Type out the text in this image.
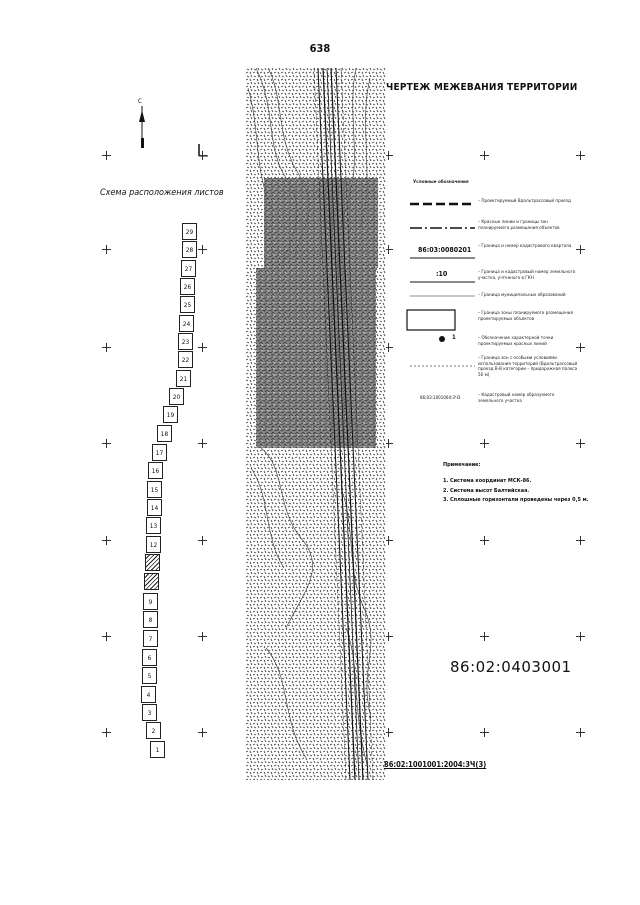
638
ЧЕРТЕЖ МЕЖЕВАНИЯ ТЕРРИТОРИИ
С
Схема расположения листов
29
28
27
26
25
24
23
22
21
20
19
18
17
16
15
14
13
12
9
8
7
6
5
4
3
2
1
Условные обозначения
– Проектируемый Вдольтрассовый проезд
– Красные линии и границы зон планируемого размещения объектов
86:03:0080201 – Граница и номер кадастрового квартала
:10	– Граница и кадастровый номер земельного участка, учтенного в ГКН
– Граница муниципальных образований
– Граница зоны планируемого размещения проектируемых объектов
1	– Обозначение характерной точки проектируемых красных линий
– Граница зон с особыми условиями использования территорий (Вдольтрассовый проезд В-В категории – придорожная полоса 50 м)
86:03:1001004:3ЧЗ
– Кадастровый номер образуемого земельного участка
Примечание:
1. Система координат МСК-86.
2. Система высот Балтийская.
3. Сплошные горизонтали проведены через 0,5 м.
86:02:0403001
86:02:1001001:2004:3Ч(3)
